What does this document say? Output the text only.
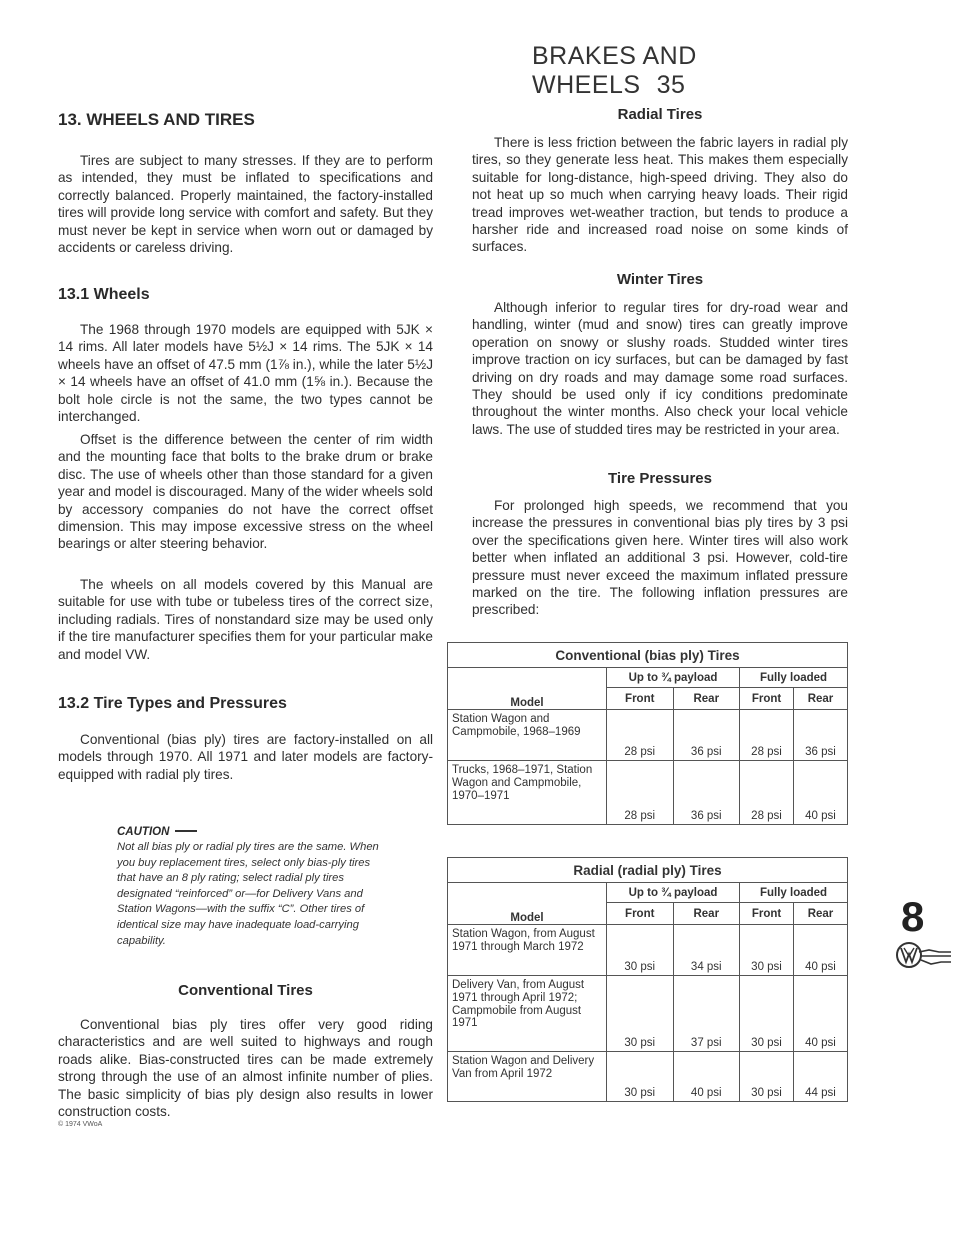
BRAKES AND WHEELS 35
13. WHEELS AND TIRES

Tires are subject to many stresses. If they are to perform as intended, they must be inflated to specifications and correctly balanced. Properly maintained, the factory-installed tires will provide long service with comfort and safety. But they must never be kept in service when worn out or damaged by accidents or careless driving.

13.1 Wheels

The 1968 through 1970 models are equipped with 5JK × 14 rims. All later models have 5½J × 14 rims. The 5JK × 14 wheels have an offset of 47.5 mm (1⅞ in.), while the later 5½J × 14 wheels have an offset of 41.0 mm (1⅝ in.). Because the bolt hole circle is not the same, the two types cannot be interchanged.

Offset is the difference between the center of rim width and the mounting face that bolts to the brake drum or brake disc. The use of wheels other than those standard for a given year and model is discouraged. Many of the wider wheels sold by accessory companies do not have the correct offset dimension. This may impose excessive stress on the wheel bearings or alter steering behavior.

The wheels on all models covered by this Manual are suitable for use with tube or tubeless tires of the correct size, including radials. Tires of nonstandard size may be used only if the tire manufacturer specifies them for your particular make and model VW.

13.2 Tire Types and Pressures

Conventional (bias ply) tires are factory-installed on all models through 1970. All 1971 and later models are factory-equipped with radial ply tires.

CAUTION

Not all bias ply or radial ply tires are the same. When you buy replacement tires, select only bias-ply tires that have an 8 ply rating; select radial ply tires designated “reinforced” or—for Delivery Vans and Station Wagons—with the suffix “C”. Other tires of identical size may have inadequate load-carrying capability.

Conventional Tires

Conventional bias ply tires offer very good riding characteristics and are well suited to highways and rough roads alike. Bias-constructed tires can be made extremely strong through the use of an almost infinite number of plies. The basic simplicity of bias ply design also results in lower construction costs.

© 1974 VWoA
Radial Tires

There is less friction between the fabric layers in radial ply tires, so they generate less heat. This makes them especially suitable for long-distance, high-speed driving. They also do not heat up so much when carrying heavy loads. Their rigid tread improves wet-weather traction, but tends to produce a harsher ride and increased road noise on some kinds of surfaces.

Winter Tires

Although inferior to regular tires for dry-road wear and handling, winter (mud and snow) tires can greatly improve operation on snowy or slushy roads. Studded winter tires improve traction on icy surfaces, but can be damaged by fast driving on dry roads and may damage some road surfaces. They should be used only if icy conditions predominate throughout the winter months. Also check your local vehicle laws. The use of studded tires may be restricted in your area.

Tire Pressures

For prolonged high speeds, we recommend that you increase the pressures in conventional bias ply tires by 3 psi over the specifications given here. Winter tires will also work better when inflated an additional 3 psi. However, cold-tire pressure must never exceed the maximum inflated pressure marked on the tire. The following inflation pressures are prescribed:

Conventional (bias ply) Tires				
Model	Up to ¾ payload		Fully loaded	
	Front	Rear	Front	Rear
Station Wagon and Campmobile, 1968–1969	28 psi	36 psi	28 psi	36 psi
Trucks, 1968–1971, Station Wagon and Campmobile, 1970–1971	28 psi	36 psi	28 psi	40 psi
Radial (radial ply) Tires				
Model	Up to ¾ payload		Fully loaded	
	Front	Rear	Front	Rear
Station Wagon, from August 1971 through March 1972	30 psi	34 psi	30 psi	40 psi
Delivery Van, from August 1971 through April 1972; Campmobile from August 1971	30 psi	37 psi	30 psi	40 psi
Station Wagon and Delivery Van from April 1972	30 psi	40 psi	30 psi	44 psi
8
